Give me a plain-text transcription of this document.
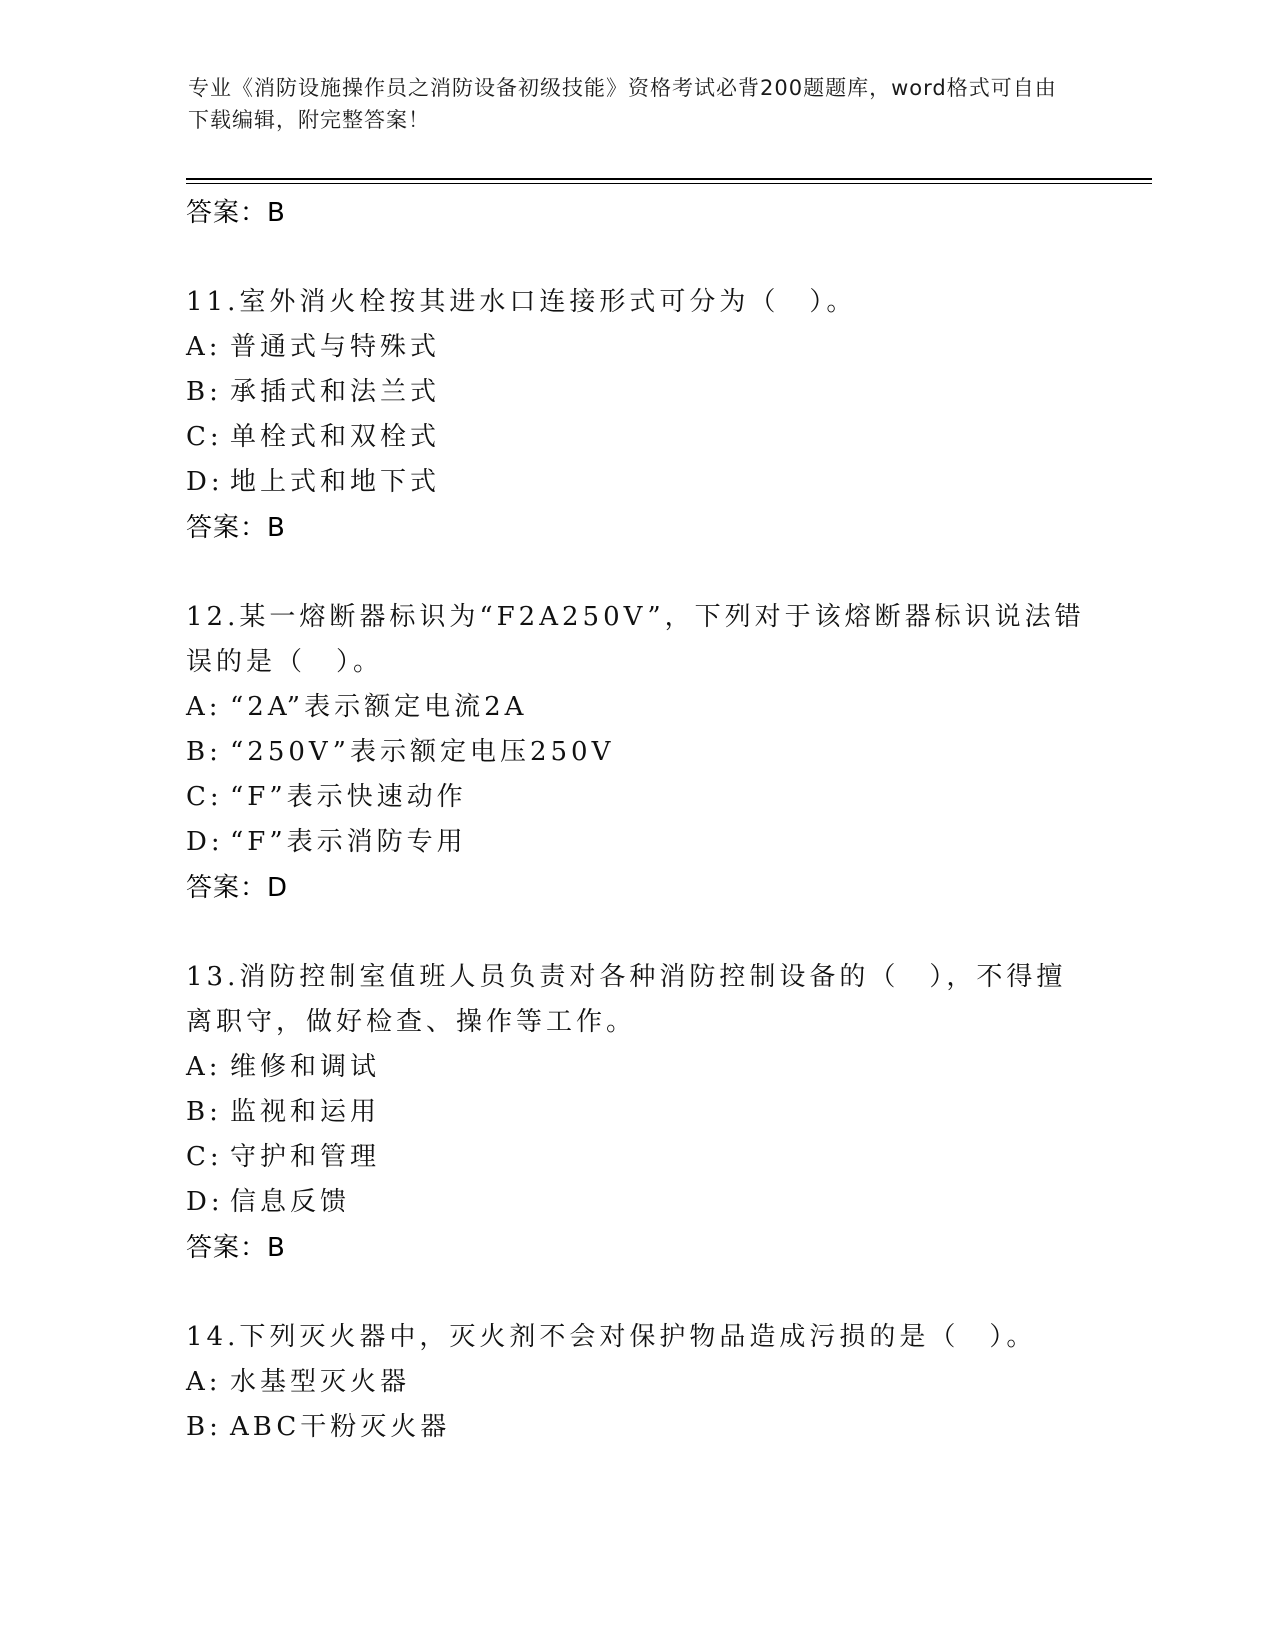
专业《消防设施操作员之消防设备初级技能》资格考试必背200题题库，word格式可自由下载编辑，附完整答案！
答案：B
11.室外消火栓按其进水口连接形式可分为（　）。
A: 普通式与特殊式
B: 承插式和法兰式
C: 单栓式和双栓式
D: 地上式和地下式
答案：B
12.某一熔断器标识为“F2A250V”，下列对于该熔断器标识说法错误的是（　）。
A: “2A”表示额定电流2A
B: “250V”表示额定电压250V
C: “F”表示快速动作
D: “F”表示消防专用
答案：D
13.消防控制室值班人员负责对各种消防控制设备的（　），不得擅离职守，做好检查、操作等工作。
A: 维修和调试
B: 监视和运用
C: 守护和管理
D: 信息反馈
答案：B
14.下列灭火器中，灭火剂不会对保护物品造成污损的是（　）。
A: 水基型灭火器
B: ABC干粉灭火器
